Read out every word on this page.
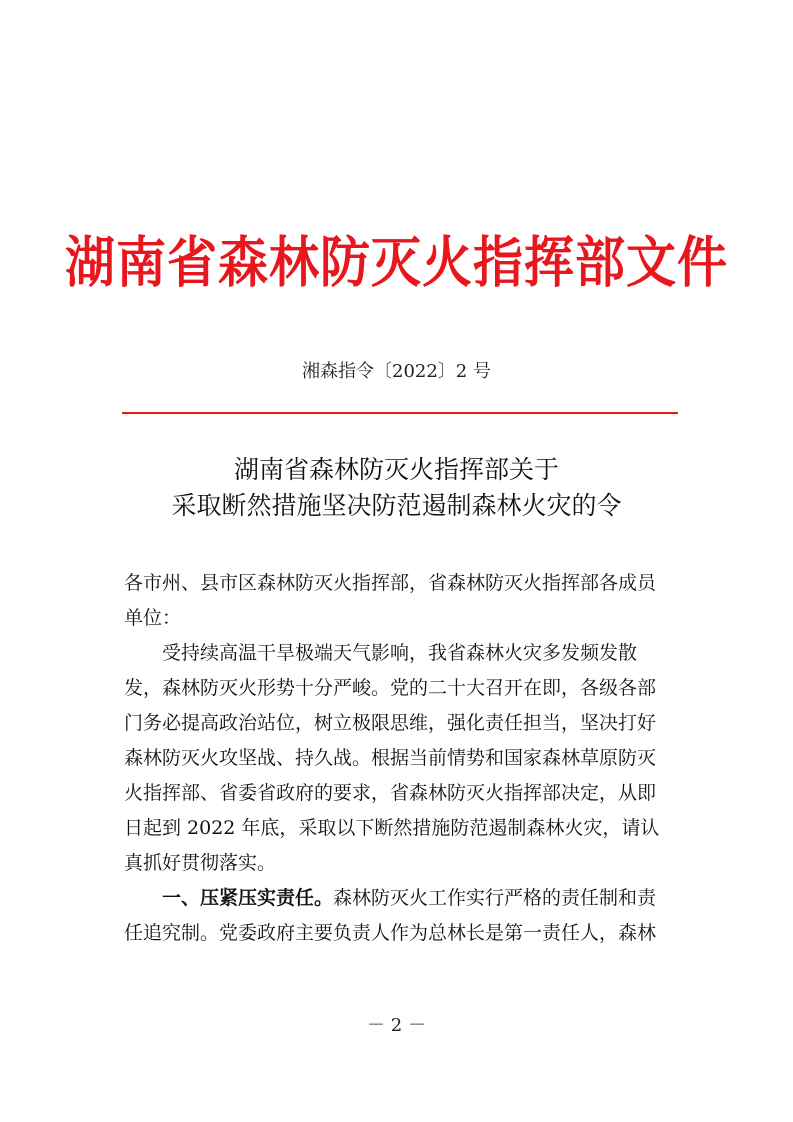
湖南省森林防灭火指挥部文件
湘森指令〔2022〕2 号
湖南省森林防灭火指挥部关于
采取断然措施坚决防范遏制森林火灾的令

各市州、县市区森林防灭火指挥部，省森林防灭火指挥部各成员

单位：

受持续高温干旱极端天气影响，我省森林火灾多发频发散

发，森林防灭火形势十分严峻。党的二十大召开在即，各级各部

门务必提高政治站位，树立极限思维，强化责任担当，坚决打好

森林防灭火攻坚战、持久战。根据当前情势和国家森林草原防灭

火指挥部、省委省政府的要求，省森林防灭火指挥部决定，从即

日起到 2022 年底，采取以下断然措施防范遏制森林火灾，请认

真抓好贯彻落实。

一、压紧压实责任。森林防灭火工作实行严格的责任制和责

任追究制。党委政府主要负责人作为总林长是第一责任人，森林

－ 2 －
